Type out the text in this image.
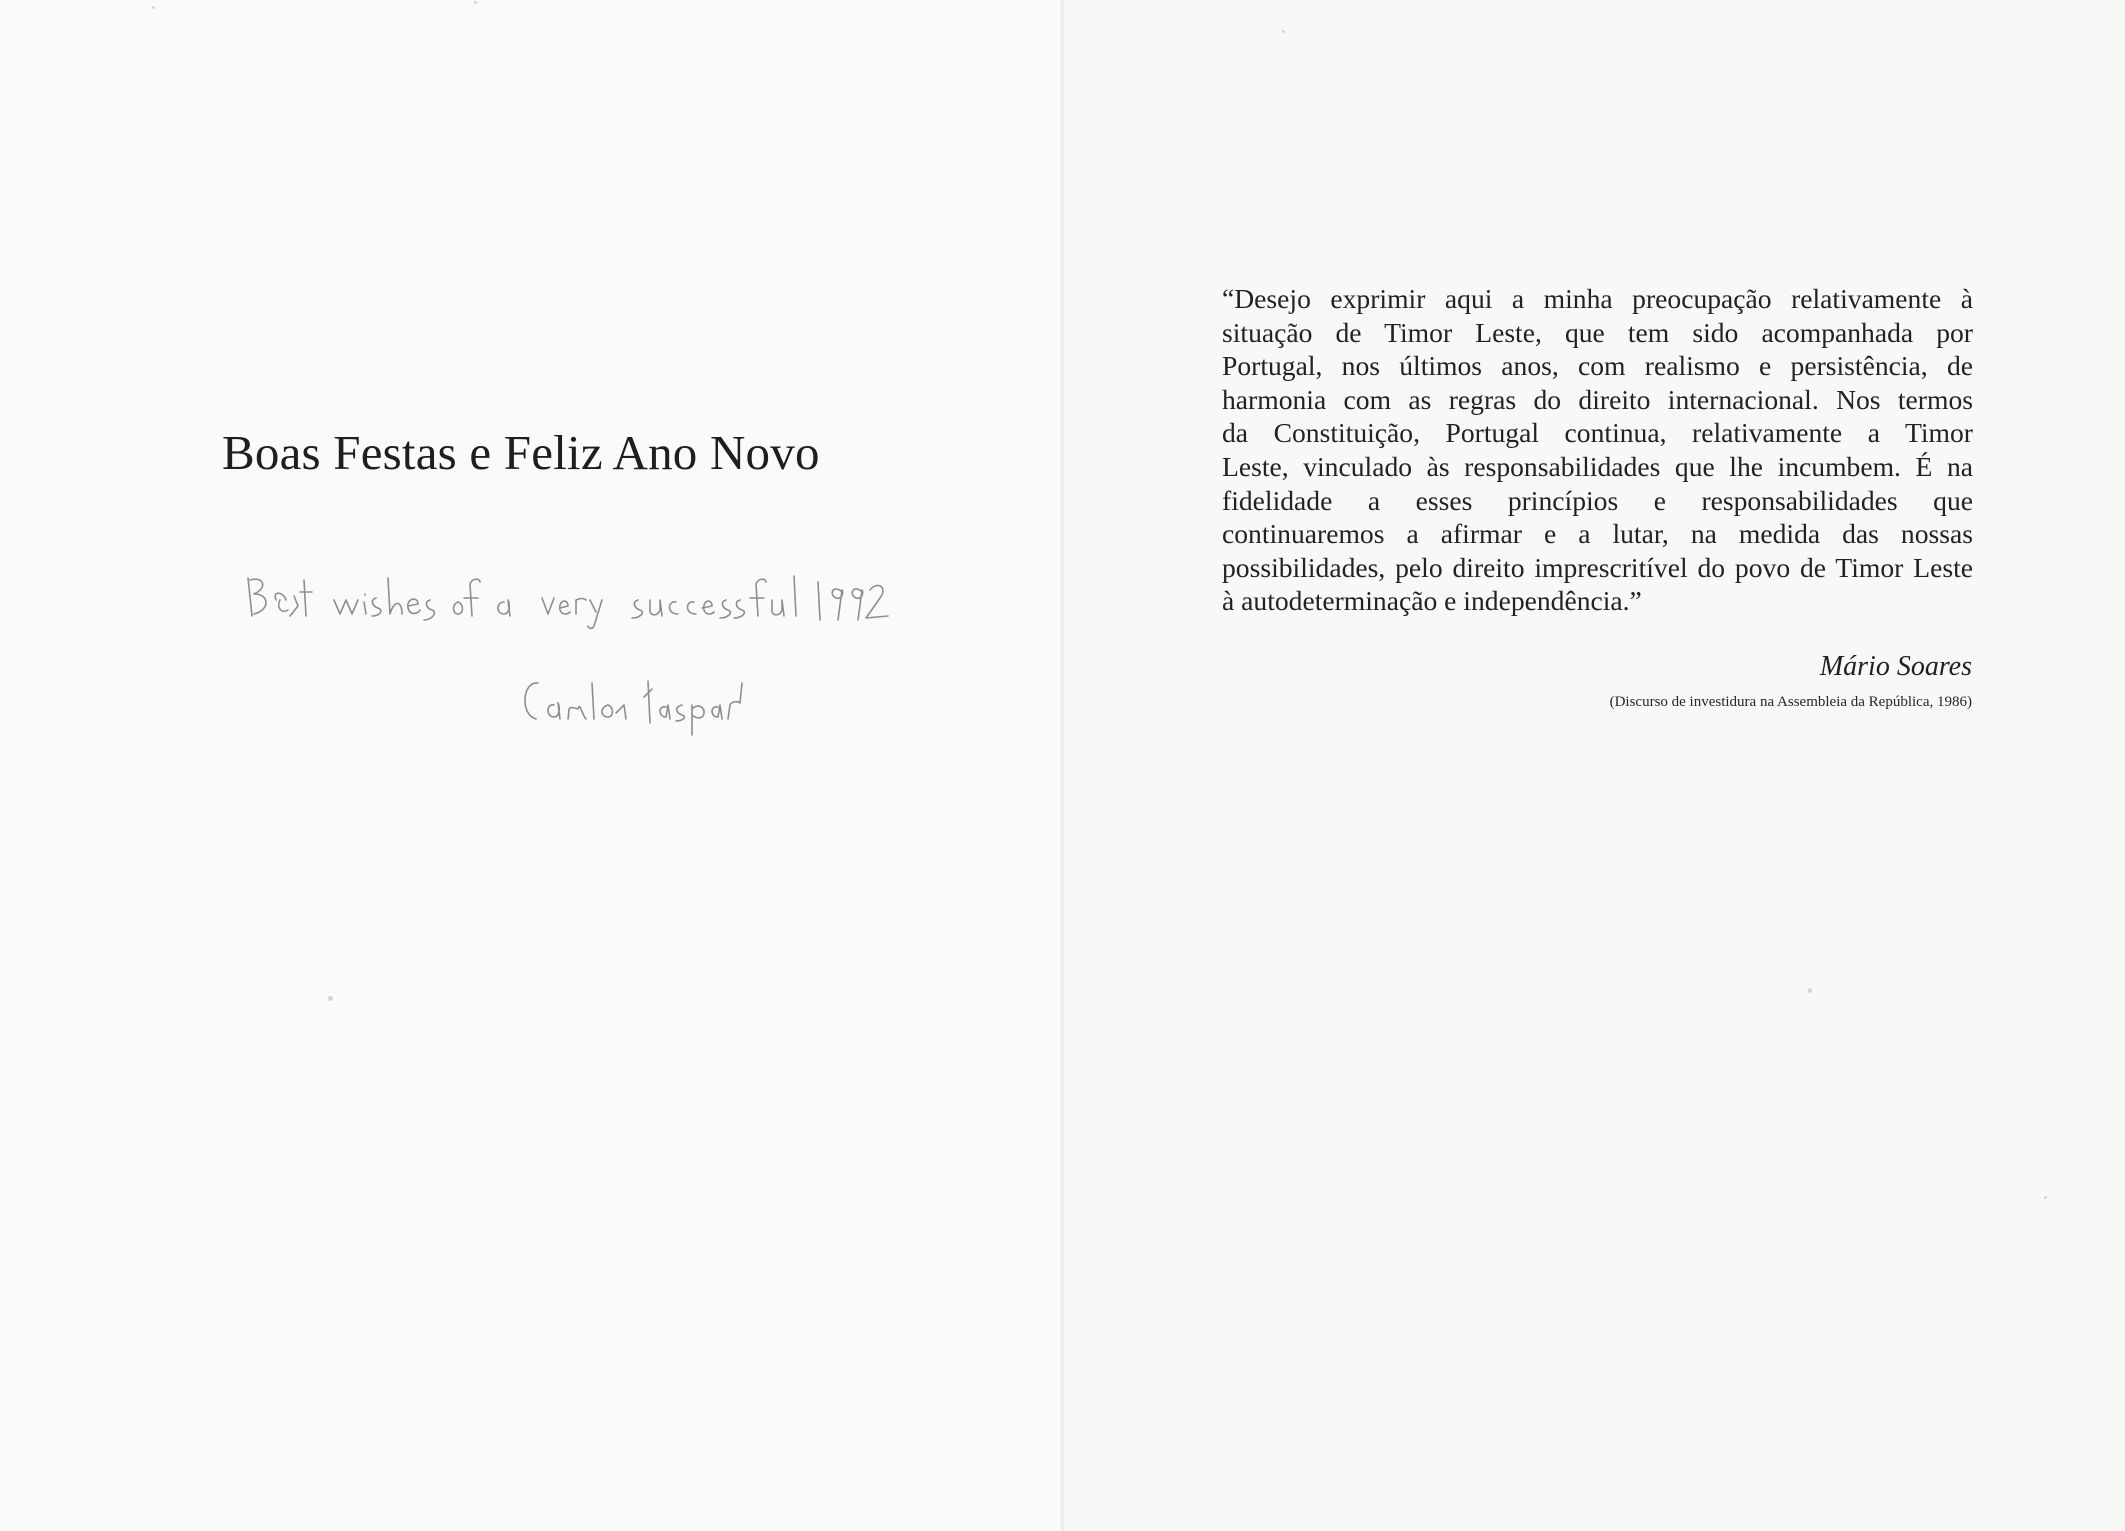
Boas Festas e Feliz Ano Novo

“Desejo exprimir aqui a minha preocupação relativamente à
situação de Timor Leste, que tem sido acompanhada por
Portugal, nos últimos anos, com realismo e persistência, de
harmonia com as regras do direito internacional. Nos termos
da Constituição, Portugal continua, relativamente a Timor
Leste, vinculado às responsabilidades que lhe incumbem. É na
fidelidade a esses princípios e responsabilidades que
continuaremos a afirmar e a lutar, na medida das nossas
possibilidades, pelo direito imprescritível do povo de Timor Leste
à autodeterminação e independência.”

Mário Soares
(Discurso de investidura na Assembleia da República, 1986)
